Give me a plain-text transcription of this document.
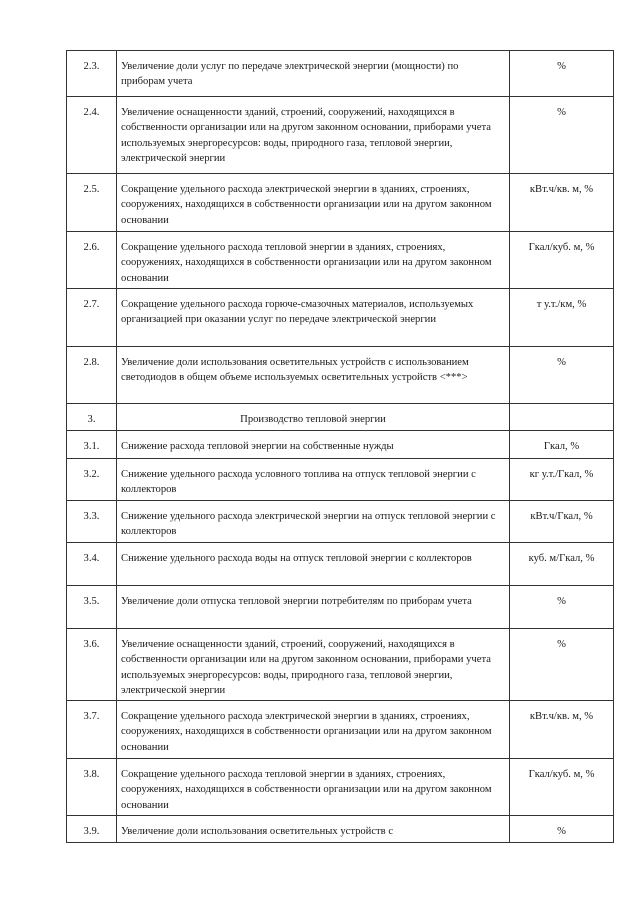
2.3.	Увеличение доли услуг по передаче электрической энергии (мощности) по приборам учета	%
2.4.	Увеличение оснащенности зданий, строений, сооружений, находящихся в собственности организации или на другом законном основании, приборами учета используемых энергоресурсов: воды, природного газа, тепловой энергии, электрической энергии	%
2.5.	Сокращение удельного расхода электрической энергии в зданиях, строениях, сооружениях, находящихся в собственности организации или на другом законном основании	кВт.ч/кв. м, %
2.6.	Сокращение удельного расхода тепловой энергии в зданиях, строениях, сооружениях, находящихся в собственности организации или на другом законном основании	Гкал/куб. м, %
2.7.	Сокращение удельного расхода горюче-смазочных материалов, используемых организацией при оказании услуг по передаче электрической энергии	т у.т./км, %
2.8.	Увеличение доли использования осветительных устройств с использованием светодиодов в общем объеме используемых осветительных устройств <***>	%
3.	Производство тепловой энергии	
3.1.	Снижение расхода тепловой энергии на собственные нужды	Гкал, %
3.2.	Снижение удельного расхода условного топлива на отпуск тепловой энергии с коллекторов	кг у.т./Гкал, %
3.3.	Снижение удельного расхода электрической энергии на отпуск тепловой энергии с коллекторов	кВт.ч/Гкал, %
3.4.	Снижение удельного расхода воды на отпуск тепловой энергии с коллекторов	куб. м/Гкал, %
3.5.	Увеличение доли отпуска тепловой энергии потребителям по приборам учета	%
3.6.	Увеличение оснащенности зданий, строений, сооружений, находящихся в собственности организации или на другом законном основании, приборами учета используемых энергоресурсов: воды, природного газа, тепловой энергии, электрической энергии	%
3.7.	Сокращение удельного расхода электрической энергии в зданиях, строениях, сооружениях, находящихся в собственности организации или на другом законном основании	кВт.ч/кв. м, %
3.8.	Сокращение удельного расхода тепловой энергии в зданиях, строениях, сооружениях, находящихся в собственности организации или на другом законном основании	Гкал/куб. м, %
3.9.	Увеличение доли использования осветительных устройств с	%
